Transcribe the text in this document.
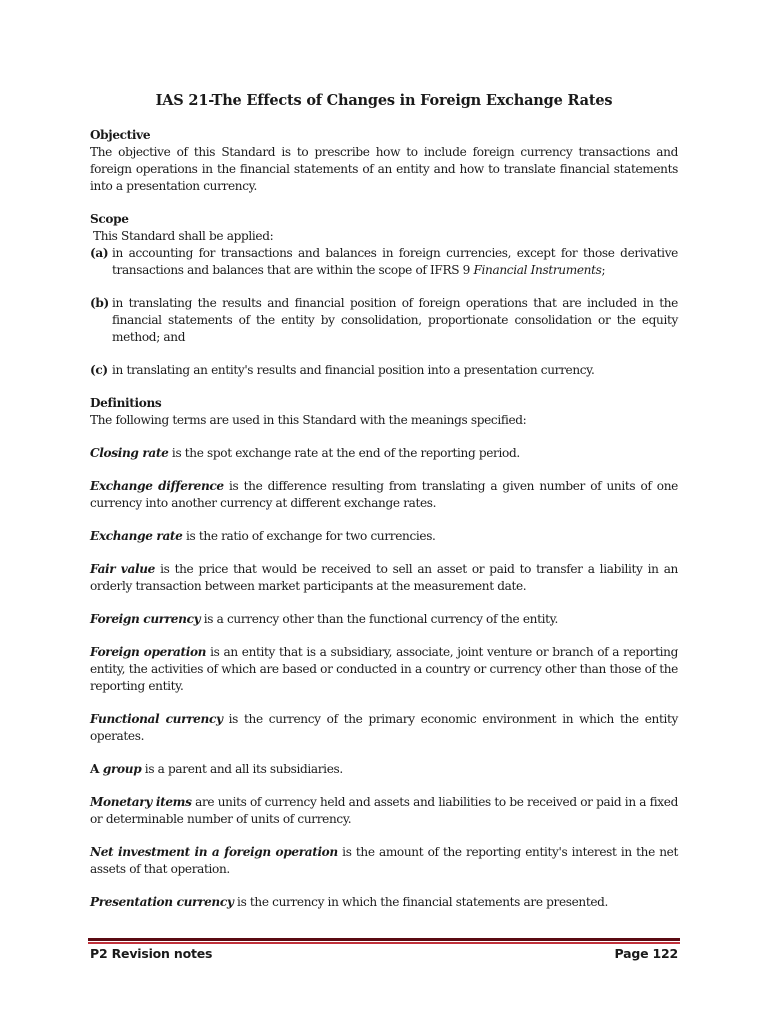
IAS 21-The Effects of Changes in Foreign Exchange Rates
Objective
The objective of this Standard is to prescribe how to include foreign currency transactions and foreign operations in the financial statements of an entity and how to translate financial statements into a presentation currency.
Scope
This Standard shall be applied:
(a) in accounting for transactions and balances in foreign currencies, except for those derivative transactions and balances that are within the scope of IFRS 9 Financial Instruments;
(b) in translating the results and financial position of foreign operations that are included in the financial statements of the entity by consolidation, proportionate consolidation or the equity method; and
(c) in translating an entity's results and financial position into a presentation currency.
Definitions
The following terms are used in this Standard with the meanings specified:
Closing rate is the spot exchange rate at the end of the reporting period.
Exchange difference is the difference resulting from translating a given number of units of one currency into another currency at different exchange rates.
Exchange rate is the ratio of exchange for two currencies.
Fair value is the price that would be received to sell an asset or paid to transfer a liability in an orderly transaction between market participants at the measurement date.
Foreign currency is a currency other than the functional currency of the entity.
Foreign operation is an entity that is a subsidiary, associate, joint venture or branch of a reporting entity, the activities of which are based or conducted in a country or currency other than those of the reporting entity.
Functional currency is the currency of the primary economic environment in which the entity operates.
A group is a parent and all its subsidiaries.
Monetary items are units of currency held and assets and liabilities to be received or paid in a fixed or determinable number of units of currency.
Net investment in a foreign operation is the amount of the reporting entity's interest in the net assets of that operation.
Presentation currency is the currency in which the financial statements are presented.
P2 Revision notes	Page 122
